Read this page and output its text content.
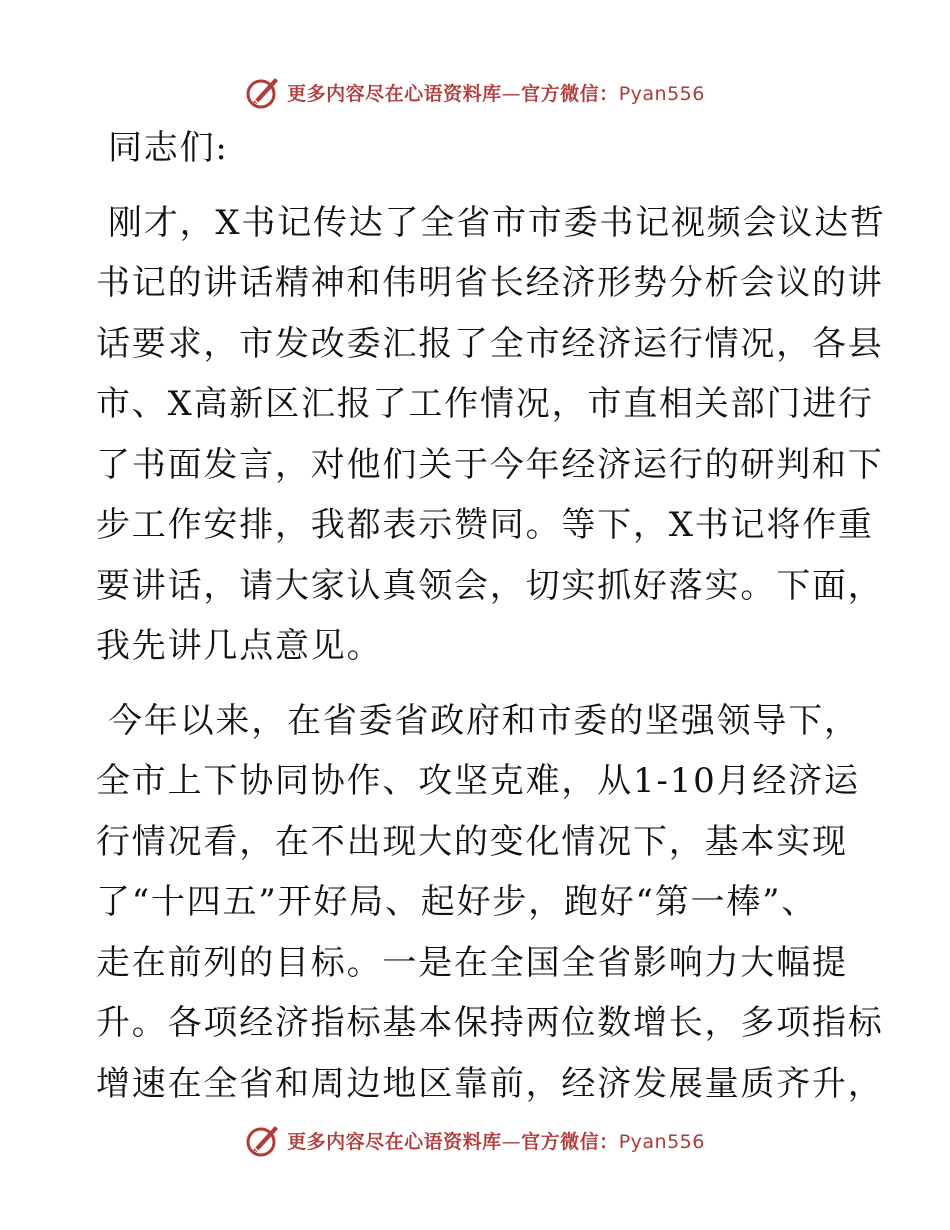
更多内容尽在心语资料库—官方微信：Pyan556
同志们:
刚才，X书记传达了全省市市委书记视频会议达哲
书记的讲话精神和伟明省长经济形势分析会议的讲
话要求，市发改委汇报了全市经济运行情况，各县
市、X高新区汇报了工作情况，市直相关部门进行
了书面发言，对他们关于今年经济运行的研判和下
步工作安排，我都表示赞同。等下，X书记将作重
要讲话，请大家认真领会，切实抓好落实。下面，
我先讲几点意见。
今年以来，在省委省政府和市委的坚强领导下，
全市上下协同协作、攻坚克难，从1-10月经济运
行情况看，在不出现大的变化情况下，基本实现
了“十四五”开好局、起好步，跑好“第一棒”、
走在前列的目标。一是在全国全省影响力大幅提
升。各项经济指标基本保持两位数增长，多项指标
增速在全省和周边地区靠前，经济发展量质齐升，
更多内容尽在心语资料库—官方微信：Pyan556
